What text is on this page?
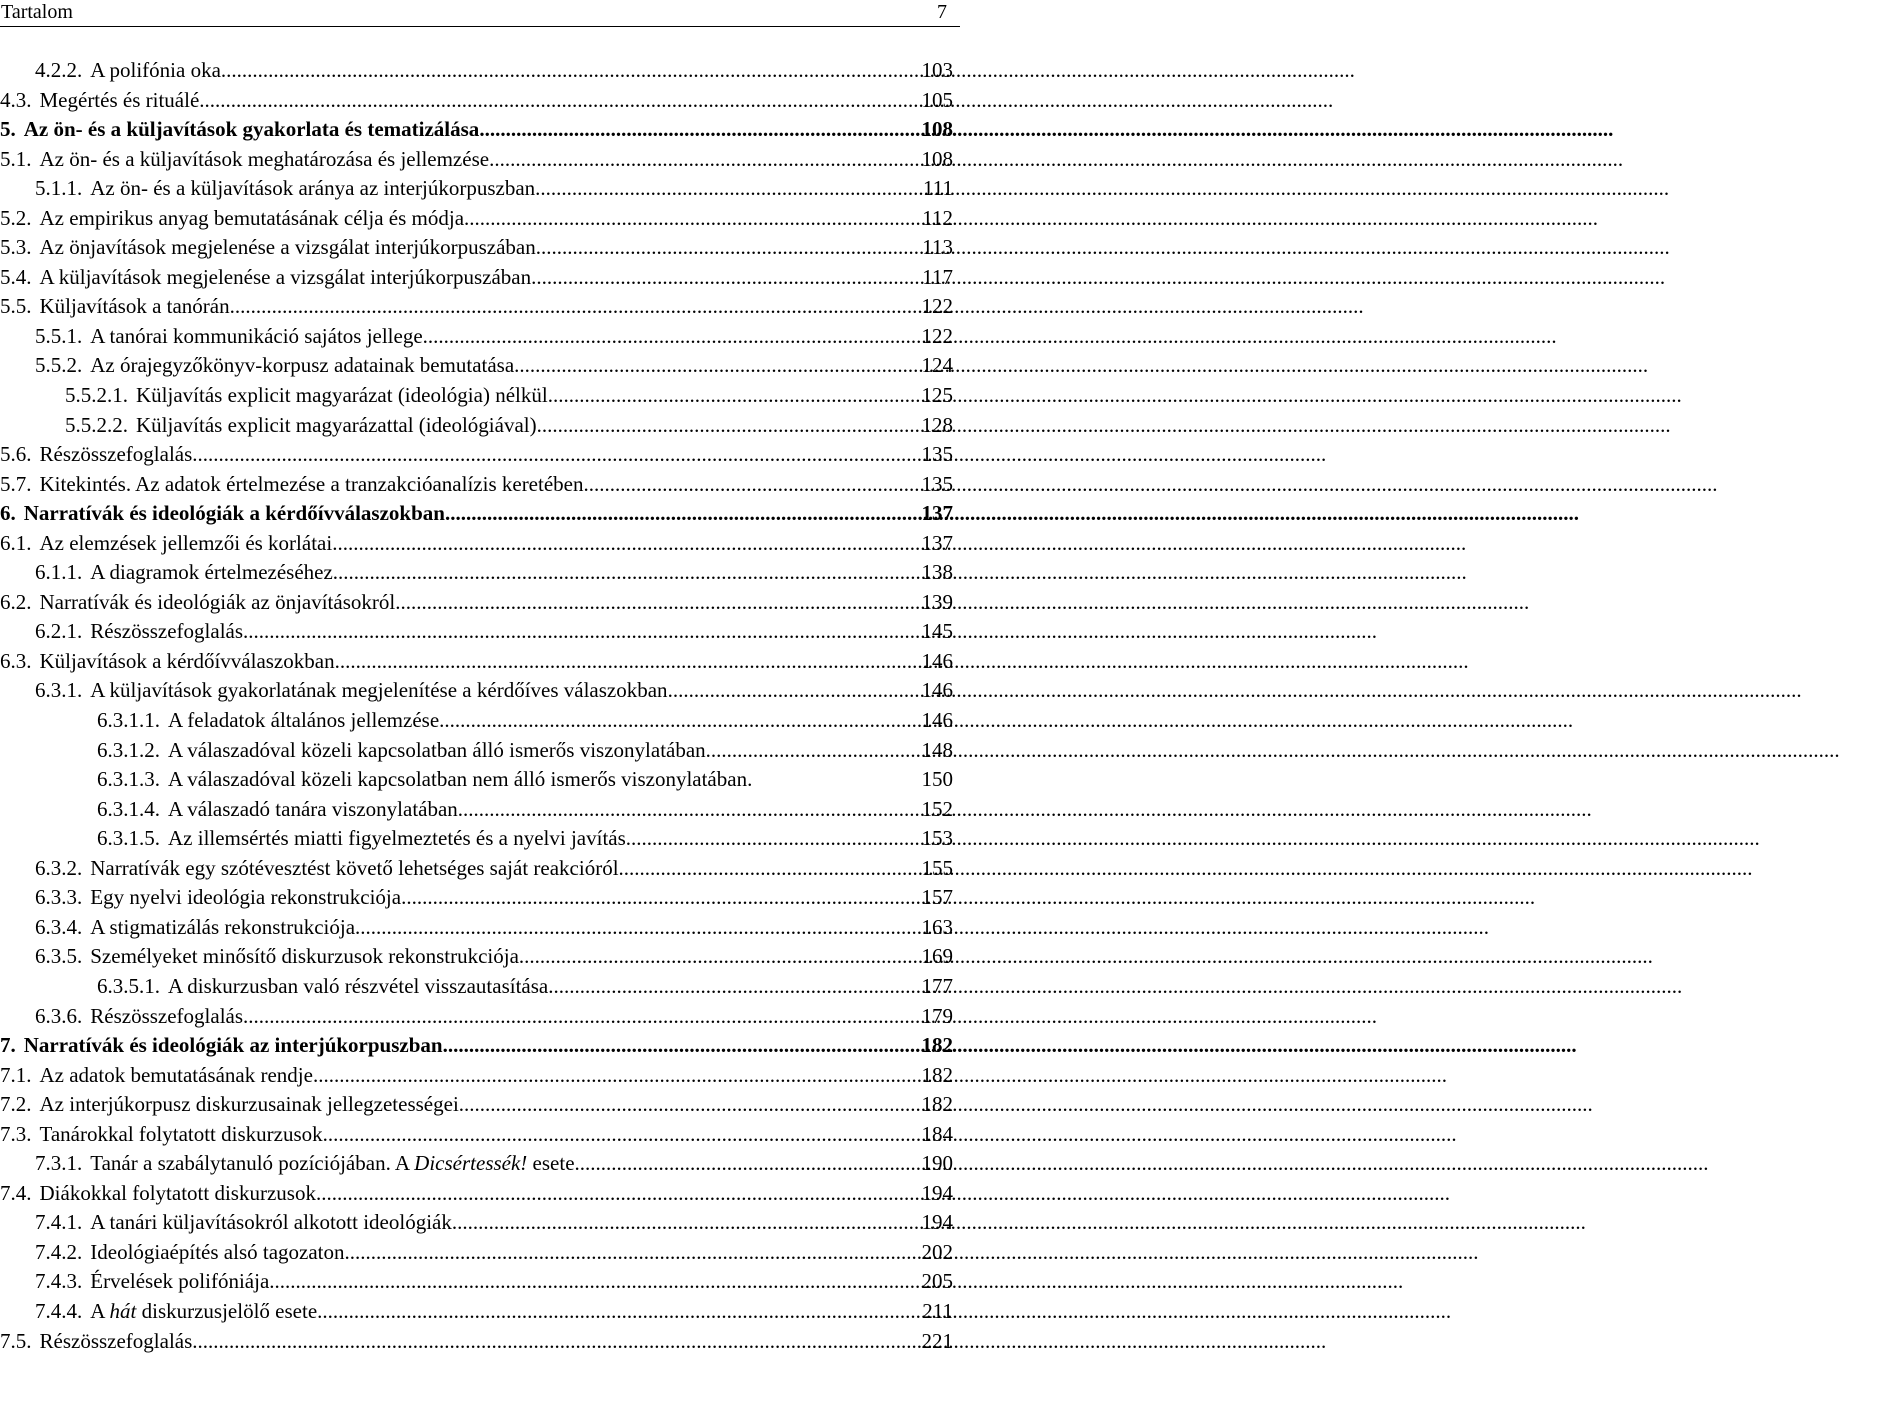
Tartalom	7
4.2.2. A polifónia oka .....	103
4.3. Megértés és rituálé .....	105
5. Az ön- és a küljavítások gyakorlata és tematizálása .....	108
5.1. Az ön- és a küljavítások meghatározása és jellemzése .....	108
5.1.1. Az ön- és a küljavítások aránya az interjúkorpuszban .....	111
5.2. Az empirikus anyag bemutatásának célja és módja .....	112
5.3. Az önjavítások megjelenése a vizsgálat interjúkorpuszában .....	113
5.4. A küljavítások megjelenése a vizsgálat interjúkorpuszában .....	117
5.5. Küljavítások a tanórán .....	122
5.5.1. A tanórai kommunikáció sajátos jellege .....	122
5.5.2. Az órajegyzőkönyv-korpusz adatainak bemutatása .....	124
5.5.2.1. Küljavítás explicit magyarázat (ideológia) nélkül .....	125
5.5.2.2. Küljavítás explicit magyarázattal (ideológiával) .....	128
5.6. Részösszefoglalás .....	135
5.7. Kitekintés. Az adatok értelmezése a tranzakcióanalízis keretében .....	135
6. Narratívák és ideológiák a kérdőívválaszokban .....	137
6.1. Az elemzések jellemzői és korlátai .....	137
6.1.1. A diagramok értelmezéséhez .....	138
6.2. Narratívák és ideológiák az önjavításokról .....	139
6.2.1. Részösszefoglalás .....	145
6.3. Küljavítások a kérdőívválaszokban .....	146
6.3.1. A küljavítások gyakorlatának megjelenítése a kérdőíves válaszokban .....	146
6.3.1.1. A feladatok általános jellemzése .....	146
6.3.1.2. A válaszadóval közeli kapcsolatban álló ismerős viszonylatában .....	148
6.3.1.3. A válaszadóval közeli kapcsolatban nem álló ismerős viszonylatában.	150
6.3.1.4. A válaszadó tanára viszonylatában .....	152
6.3.1.5. Az illemsértés miatti figyelmeztetés és a nyelvi javítás .....	153
6.3.2. Narratívák egy szótévesztést követő lehetséges saját reakcióról .....	155
6.3.3. Egy nyelvi ideológia rekonstrukciója .....	157
6.3.4. A stigmatizálás rekonstrukciója .....	163
6.3.5. Személyeket minősítő diskurzusok rekonstrukciója .....	169
6.3.5.1. A diskurzusban való részvétel visszautasítása .....	177
6.3.6. Részösszefoglalás .....	179
7. Narratívák és ideológiák az interjúkorpuszban .....	182
7.1. Az adatok bemutatásának rendje .....	182
7.2. Az interjúkorpusz diskurzusainak jellegzetességei .....	182
7.3. Tanárokkal folytatott diskurzusok .....	184
7.3.1. Tanár a szabálytanuló pozíciójában. A Dicsértessék! esete .....	190
7.4. Diákokkal folytatott diskurzusok .....	194
7.4.1. A tanári küljavításokról alkotott ideológiák .....	194
7.4.2. Ideológiaépítés alsó tagozaton .....	202
7.4.3. Érvelések polifóniája .....	205
7.4.4. A hát diskurzusjelölő esete .....	211
7.5. Részösszefoglalás .....	221
